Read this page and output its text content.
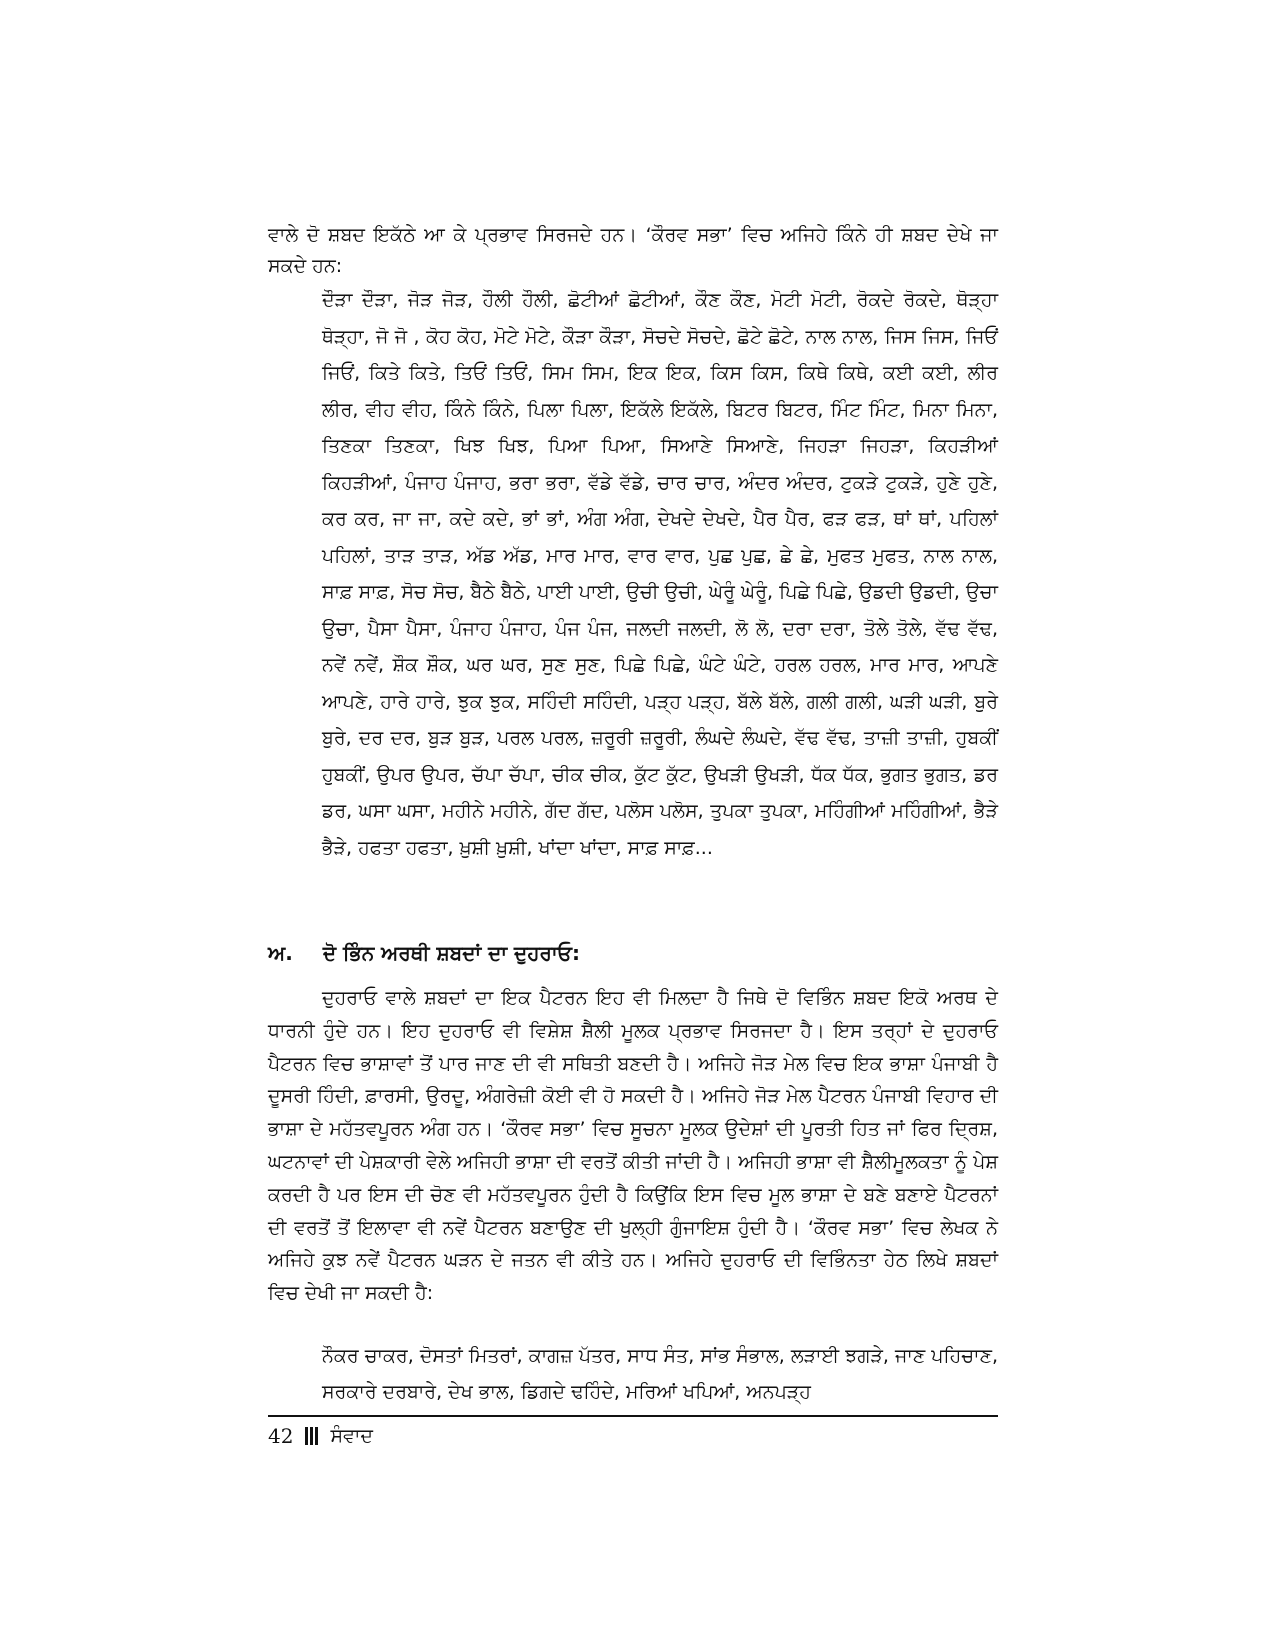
ਵਾਲੇ ਦੋ ਸ਼ਬਦ ਇਕੱਠੇ ਆ ਕੇ ਪ੍ਰਭਾਵ ਸਿਰਜਦੇ ਹਨ। ‘ਕੌਰਵ ਸਭਾ’ ਵਿਚ ਅਜਿਹੇ ਕਿੰਨੇ ਹੀ ਸ਼ਬਦ ਦੇਖੇ ਜਾ ਸਕਦੇ ਹਨ:

ਦੌੜਾ ਦੌੜਾ, ਜੋੜ ਜੋੜ, ਹੌਲੀ ਹੌਲੀ, ਛੋਟੀਆਂ ਛੋਟੀਆਂ, ਕੌਣ ਕੌਣ, ਮੋਟੀ ਮੋਟੀ, ਰੋਕਦੇ ਰੋਕਦੇ, ਥੋੜ੍ਹਾ ਥੋੜ੍ਹਾ, ਜੋ ਜੋ , ਕੋਹ ਕੋਹ, ਮੋਟੇ ਮੋਟੇ, ਕੌੜਾ ਕੌੜਾ, ਸੋਚਦੇ ਸੋਚਦੇ, ਛੋਟੇ ਛੋਟੇ, ਨਾਲ ਨਾਲ, ਜਿਸ ਜਿਸ, ਜਿਓਂ ਜਿਓਂ, ਕਿਤੇ ਕਿਤੇ, ਤਿਓਂ ਤਿਓਂ, ਸਿਮ ਸਿਮ, ਇਕ ਇਕ, ਕਿਸ ਕਿਸ, ਕਿਥੇ ਕਿਥੇ, ਕਈ ਕਈ, ਲੀਰ ਲੀਰ, ਵੀਹ ਵੀਹ, ਕਿੰਨੇ ਕਿੰਨੇ, ਪਿਲਾ ਪਿਲਾ, ਇਕੱਲੇ ਇਕੱਲੇ, ਬਿਟਰ ਬਿਟਰ, ਮਿੰਟ ਮਿੰਟ, ਮਿਨਾ ਮਿਨਾ, ਤਿਣਕਾ ਤਿਣਕਾ, ਖਿਝ ਖਿਝ, ਪਿਆ ਪਿਆ, ਸਿਆਣੇ ਸਿਆਣੇ, ਜਿਹੜਾ ਜਿਹੜਾ, ਕਿਹੜੀਆਂ ਕਿਹੜੀਆਂ, ਪੰਜਾਹ ਪੰਜਾਹ, ਭਰਾ ਭਰਾ, ਵੱਡੇ ਵੱਡੇ, ਚਾਰ ਚਾਰ, ਅੰਦਰ ਅੰਦਰ, ਟੁਕੜੇ ਟੁਕੜੇ, ਹੁਣੇ ਹੁਣੇ, ਕਰ ਕਰ, ਜਾ ਜਾ, ਕਦੇ ਕਦੇ, ਭਾਂ ਭਾਂ, ਅੰਗ ਅੰਗ, ਦੇਖਦੇ ਦੇਖਦੇ, ਪੈਰ ਪੈਰ, ਫੜ ਫੜ, ਥਾਂ ਥਾਂ, ਪਹਿਲਾਂ ਪਹਿਲਾਂ, ਤਾੜ ਤਾੜ, ਅੱਡ ਅੱਡ, ਮਾਰ ਮਾਰ, ਵਾਰ ਵਾਰ, ਪੁਛ ਪੁਛ, ਛੇ ਛੇ, ਮੁਫਤ ਮੁਫਤ, ਨਾਲ ਨਾਲ, ਸਾਫ਼ ਸਾਫ਼, ਸੋਚ ਸੋਚ, ਬੈਠੇ ਬੈਠੇ, ਪਾਈ ਪਾਈ, ਉਚੀ ਉਚੀ, ਘੇਰੂੰ ਘੇਰੂੰ, ਪਿਛੇ ਪਿਛੇ, ਉਡਦੀ ਉਡਦੀ, ਉਚਾ ਉਚਾ, ਪੈਸਾ ਪੈਸਾ, ਪੰਜਾਹ ਪੰਜਾਹ, ਪੰਜ ਪੰਜ, ਜਲਦੀ ਜਲਦੀ, ਲੋ ਲੋ, ਦਰਾ ਦਰਾ, ਤੋਲੇ ਤੋਲੇ, ਵੱਢ ਵੱਢ, ਨਵੇਂ ਨਵੇਂ, ਸ਼ੌਕ ਸ਼ੌਕ, ਘਰ ਘਰ, ਸੁਣ ਸੁਣ, ਪਿਛੇ ਪਿਛੇ, ਘੰਟੇ ਘੰਟੇ, ਹਰਲ ਹਰਲ, ਮਾਰ ਮਾਰ, ਆਪਣੇ ਆਪਣੇ, ਹਾਰੇ ਹਾਰੇ, ਝੁਕ ਝੁਕ, ਸਹਿੰਦੀ ਸਹਿੰਦੀ, ਪੜ੍ਹ ਪੜ੍ਹ, ਬੱਲੇ ਬੱਲੇ, ਗਲੀ ਗਲੀ, ਘੜੀ ਘੜੀ, ਬੁਰੇ ਬੁਰੇ, ਦਰ ਦਰ, ਬੁੜ ਬੁੜ, ਪਰਲ ਪਰਲ, ਜ਼ਰੂਰੀ ਜ਼ਰੂਰੀ, ਲੰਘਦੇ ਲੰਘਦੇ, ਵੱਢ ਵੱਢ, ਤਾਜ਼ੀ ਤਾਜ਼ੀ, ਹੁਬਕੀਂ ਹੁਬਕੀਂ, ਉਪਰ ਉਪਰ, ਚੱਪਾ ਚੱਪਾ, ਚੀਕ ਚੀਕ, ਕੁੱਟ ਕੁੱਟ, ਉਖੜੀ ਉਖੜੀ, ਧੱਕ ਧੱਕ, ਭੁਗਤ ਭੁਗਤ, ਡਰ ਡਰ, ਘਸਾ ਘਸਾ, ਮਹੀਨੇ ਮਹੀਨੇ, ਗੱਦ ਗੱਦ, ਪਲੋਸ ਪਲੋਸ, ਤੁਪਕਾ ਤੁਪਕਾ, ਮਹਿੰਗੀਆਂ ਮਹਿੰਗੀਆਂ, ਭੈੜੇ ਭੈੜੇ, ਹਫਤਾ ਹਫਤਾ, ਖ਼ੁਸ਼ੀ ਖ਼ੁਸ਼ੀ, ਖਾਂਦਾ ਖਾਂਦਾ, ਸਾਫ਼ ਸਾਫ਼...

ਅ. ਦੋ ਭਿੰਨ ਅਰਥੀ ਸ਼ਬਦਾਂ ਦਾ ਦੁਹਰਾਓ:

ਦੁਹਰਾਓ ਵਾਲੇ ਸ਼ਬਦਾਂ ਦਾ ਇਕ ਪੈਟਰਨ ਇਹ ਵੀ ਮਿਲਦਾ ਹੈ ਜਿਥੇ ਦੋ ਵਿਭਿੰਨ ਸ਼ਬਦ ਇਕੋ ਅਰਥ ਦੇ ਧਾਰਨੀ ਹੁੰਦੇ ਹਨ। ਇਹ ਦੁਹਰਾਓ ਵੀ ਵਿਸ਼ੇਸ਼ ਸ਼ੈਲੀ ਮੂਲਕ ਪ੍ਰਭਾਵ ਸਿਰਜਦਾ ਹੈ। ਇਸ ਤਰ੍ਹਾਂ ਦੇ ਦੁਹਰਾਓ ਪੈਟਰਨ ਵਿਚ ਭਾਸ਼ਾਵਾਂ ਤੋਂ ਪਾਰ ਜਾਣ ਦੀ ਵੀ ਸਥਿਤੀ ਬਣਦੀ ਹੈ। ਅਜਿਹੇ ਜੋੜ ਮੇਲ ਵਿਚ ਇਕ ਭਾਸ਼ਾ ਪੰਜਾਬੀ ਹੈ ਦੂਸਰੀ ਹਿੰਦੀ, ਫ਼ਾਰਸੀ, ਉਰਦੂ, ਅੰਗਰੇਜ਼ੀ ਕੋਈ ਵੀ ਹੋ ਸਕਦੀ ਹੈ। ਅਜਿਹੇ ਜੋੜ ਮੇਲ ਪੈਟਰਨ ਪੰਜਾਬੀ ਵਿਹਾਰ ਦੀ ਭਾਸ਼ਾ ਦੇ ਮਹੱਤਵਪੂਰਨ ਅੰਗ ਹਨ। ‘ਕੌਰਵ ਸਭਾ’ ਵਿਚ ਸੂਚਨਾ ਮੂਲਕ ਉਦੇਸ਼ਾਂ ਦੀ ਪੂਰਤੀ ਹਿਤ ਜਾਂ ਫਿਰ ਦ੍ਰਿਸ਼, ਘਟਨਾਵਾਂ ਦੀ ਪੇਸ਼ਕਾਰੀ ਵੇਲੇ ਅਜਿਹੀ ਭਾਸ਼ਾ ਦੀ ਵਰਤੋਂ ਕੀਤੀ ਜਾਂਦੀ ਹੈ। ਅਜਿਹੀ ਭਾਸ਼ਾ ਵੀ ਸ਼ੈਲੀਮੂਲਕਤਾ ਨੂੰ ਪੇਸ਼ ਕਰਦੀ ਹੈ ਪਰ ਇਸ ਦੀ ਚੋਣ ਵੀ ਮਹੱਤਵਪੂਰਨ ਹੁੰਦੀ ਹੈ ਕਿਉਂਕਿ ਇਸ ਵਿਚ ਮੂਲ ਭਾਸ਼ਾ ਦੇ ਬਣੇ ਬਣਾਏ ਪੈਟਰਨਾਂ ਦੀ ਵਰਤੋਂ ਤੋਂ ਇਲਾਵਾ ਵੀ ਨਵੇਂ ਪੈਟਰਨ ਬਣਾਉਣ ਦੀ ਖੁਲ੍ਹੀ ਗੁੰਜਾਇਸ਼ ਹੁੰਦੀ ਹੈ। ‘ਕੌਰਵ ਸਭਾ’ ਵਿਚ ਲੇਖਕ ਨੇ ਅਜਿਹੇ ਕੁਝ ਨਵੇਂ ਪੈਟਰਨ ਘੜਨ ਦੇ ਜਤਨ ਵੀ ਕੀਤੇ ਹਨ। ਅਜਿਹੇ ਦੁਹਰਾਓ ਦੀ ਵਿਭਿੰਨਤਾ ਹੇਠ ਲਿਖੇ ਸ਼ਬਦਾਂ ਵਿਚ ਦੇਖੀ ਜਾ ਸਕਦੀ ਹੈ:

ਨੌਕਰ ਚਾਕਰ, ਦੋਸਤਾਂ ਮਿਤਰਾਂ, ਕਾਗਜ਼ ਪੱਤਰ, ਸਾਧ ਸੰਤ, ਸਾਂਭ ਸੰਭਾਲ, ਲੜਾਈ ਝਗੜੇ, ਜਾਣ ਪਹਿਚਾਣ, ਸਰਕਾਰੇ ਦਰਬਾਰੇ, ਦੇਖ ਭਾਲ, ਡਿਗਦੇ ਢਹਿੰਦੇ, ਮਰਿਆਂ ਖਪਿਆਂ, ਅਨਪੜ੍ਹ

42 ਸੰਵਾਦ
